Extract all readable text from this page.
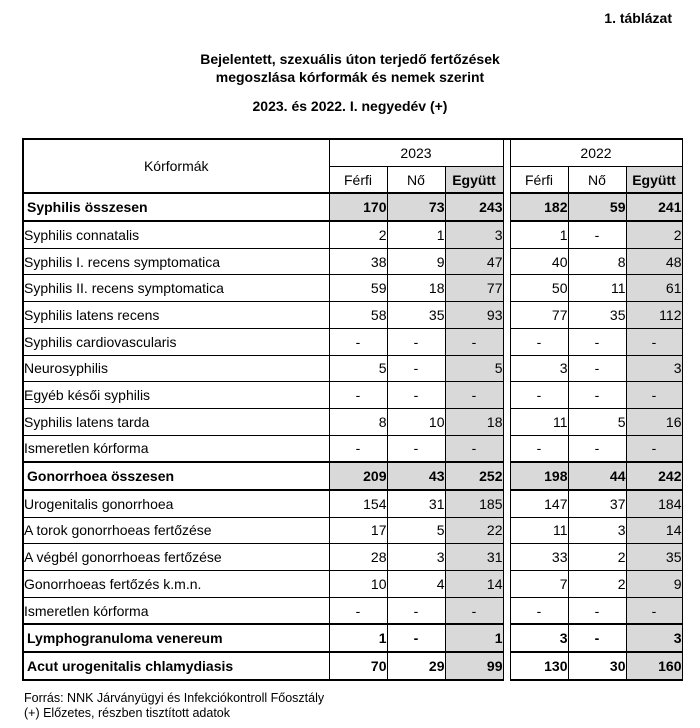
1. táblázat
Bejelentett, szexuális úton terjedő fertőzések
megoszlása kórformák és nemek szerint
2023. és 2022. I. negyedév (+)
Kórformák	2023				2022		
	Férfi	Nő	Együtt		Férfi	Nő	Együtt
Syphilis összesen	170	73	243		182	59	241
Syphilis connatalis	2	1	3		1	-	2
Syphilis I. recens symptomatica	38	9	47		40	8	48
Syphilis II. recens symptomatica	59	18	77		50	11	61
Syphilis latens recens	58	35	93		77	35	112
Syphilis cardiovascularis	-	-	-		-	-	-
Neurosyphilis	5	-	5		3	-	3
Egyéb késői syphilis	-	-	-		-	-	-
Syphilis latens tarda	8	10	18		11	5	16
Ismeretlen kórforma	-	-	-		-	-	-
Gonorrhoea összesen	209	43	252		198	44	242
Urogenitalis gonorrhoea	154	31	185		147	37	184
A torok gonorrhoeas fertőzése	17	5	22		11	3	14
A végbél gonorrhoeas fertőzése	28	3	31		33	2	35
Gonorrhoeas fertőzés k.m.n.	10	4	14		7	2	9
Ismeretlen kórforma	-	-	-		-	-	-
Lymphogranuloma venereum	1	-	1		3	-	3
Acut urogenitalis chlamydiasis	70	29	99		130	30	160
Forrás: NNK Járványügyi és Infekciókontroll Főosztály
(+) Előzetes, részben tisztított adatok
